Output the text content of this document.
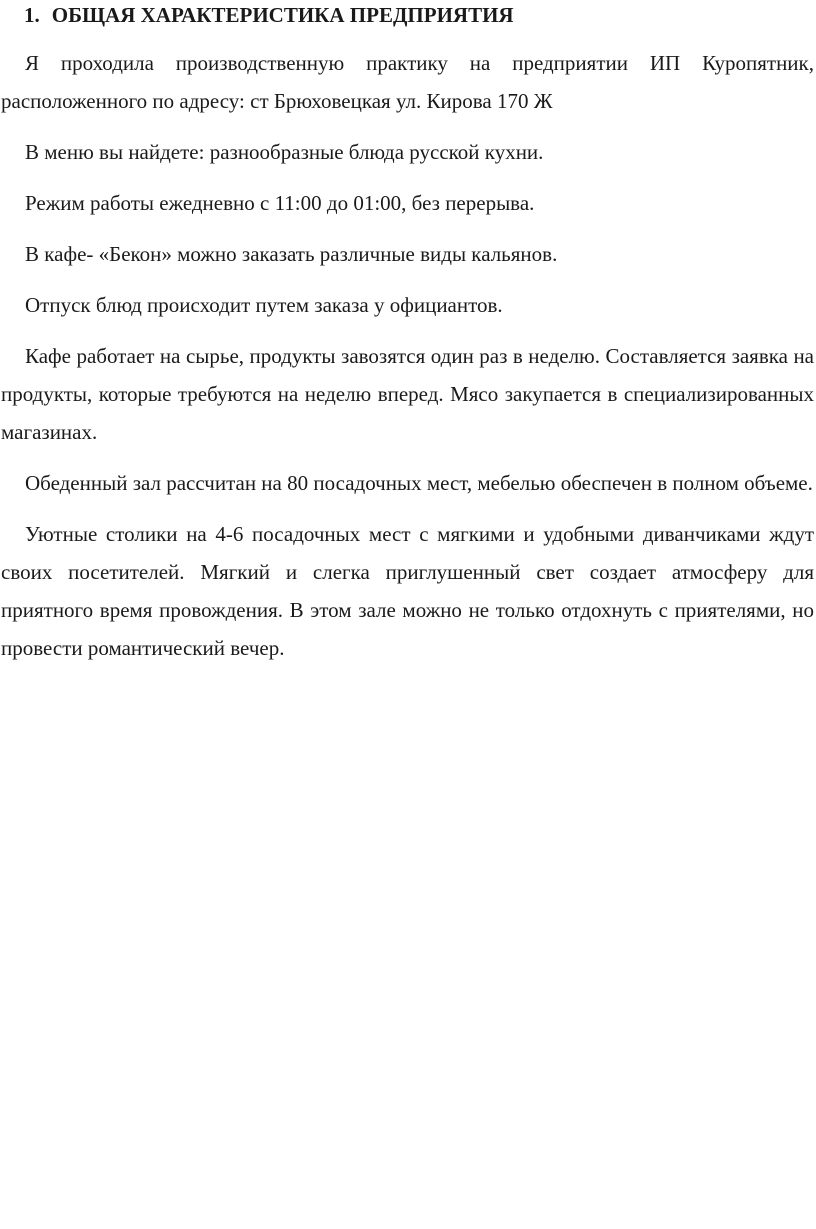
1. ОБЩАЯ ХАРАКТЕРИСТИКА ПРЕДПРИЯТИЯ

Я проходила производственную практику на предприятии ИП Куропятник, расположенного по адресу: ст Брюховецкая ул. Кирова 170 Ж

В меню вы найдете: разнообразные блюда русской кухни.

Режим работы ежедневно с 11:00 до 01:00, без перерыва.

В кафе- «Бекон» можно заказать различные виды кальянов.

Отпуск блюд происходит путем заказа у официантов.

Кафе работает на сырье, продукты завозятся один раз в неделю. Составляется заявка на продукты, которые требуются на неделю вперед. Мясо закупается в специализированных магазинах.

Обеденный зал рассчитан на 80 посадочных мест, мебелью обеспечен в полном объеме.

Уютные столики на 4-6 посадочных мест с мягкими и удобными диванчиками ждут своих посетителей. Мягкий и слегка приглушенный свет создает атмосферу для приятного время провождения. В этом зале можно не только отдохнуть с приятелями, но провести романтический вечер.
